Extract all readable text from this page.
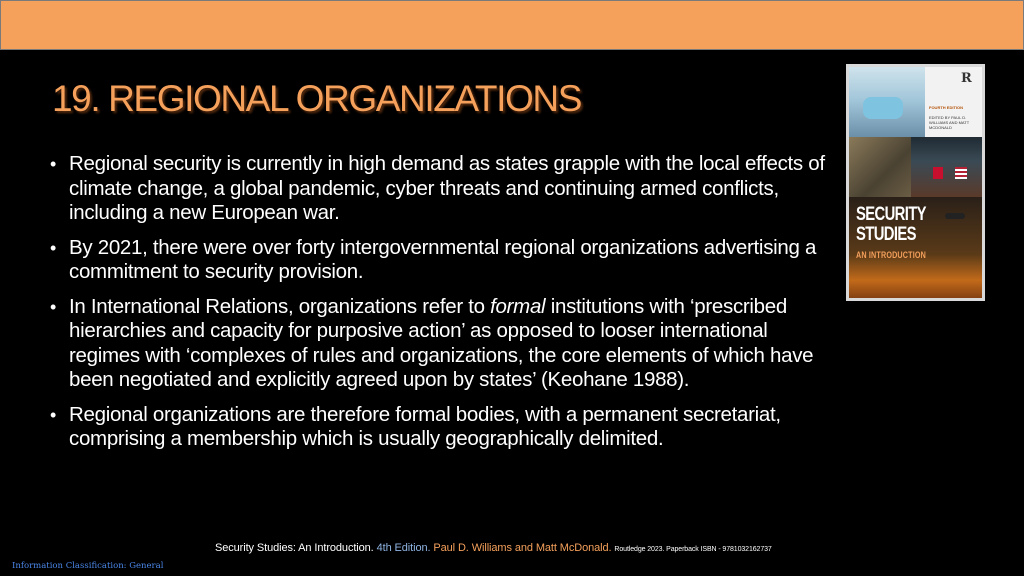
19. REGIONAL ORGANIZATIONS
• Regional security is currently in high demand as states grapple with the local effects of climate change, a global pandemic, cyber threats and continuing armed conflicts, including a new European war.
• By 2021, there were over forty intergovernmental regional organizations advertising a commitment to security provision.
• In International Relations, organizations refer to formal institutions with ‘prescribed hierarchies and capacity for purposive action’ as opposed to looser international regimes with ‘complexes of rules and organizations, the core elements of which have been negotiated and explicitly agreed upon by states’ (Keohane 1988).
• Regional organizations are therefore formal bodies, with a permanent secretariat, comprising a membership which is usually geographically delimited.
R
FOURTH EDITION
EDITED BY PAUL D. WILLIAMS AND MATT MCDONALD
SECURITY
STUDIES
AN INTRODUCTION
Security Studies: An Introduction. 4th Edition. Paul D. Williams and Matt McDonald. Routledge 2023. Paperback ISBN - 9781032162737
Information Classification: General
